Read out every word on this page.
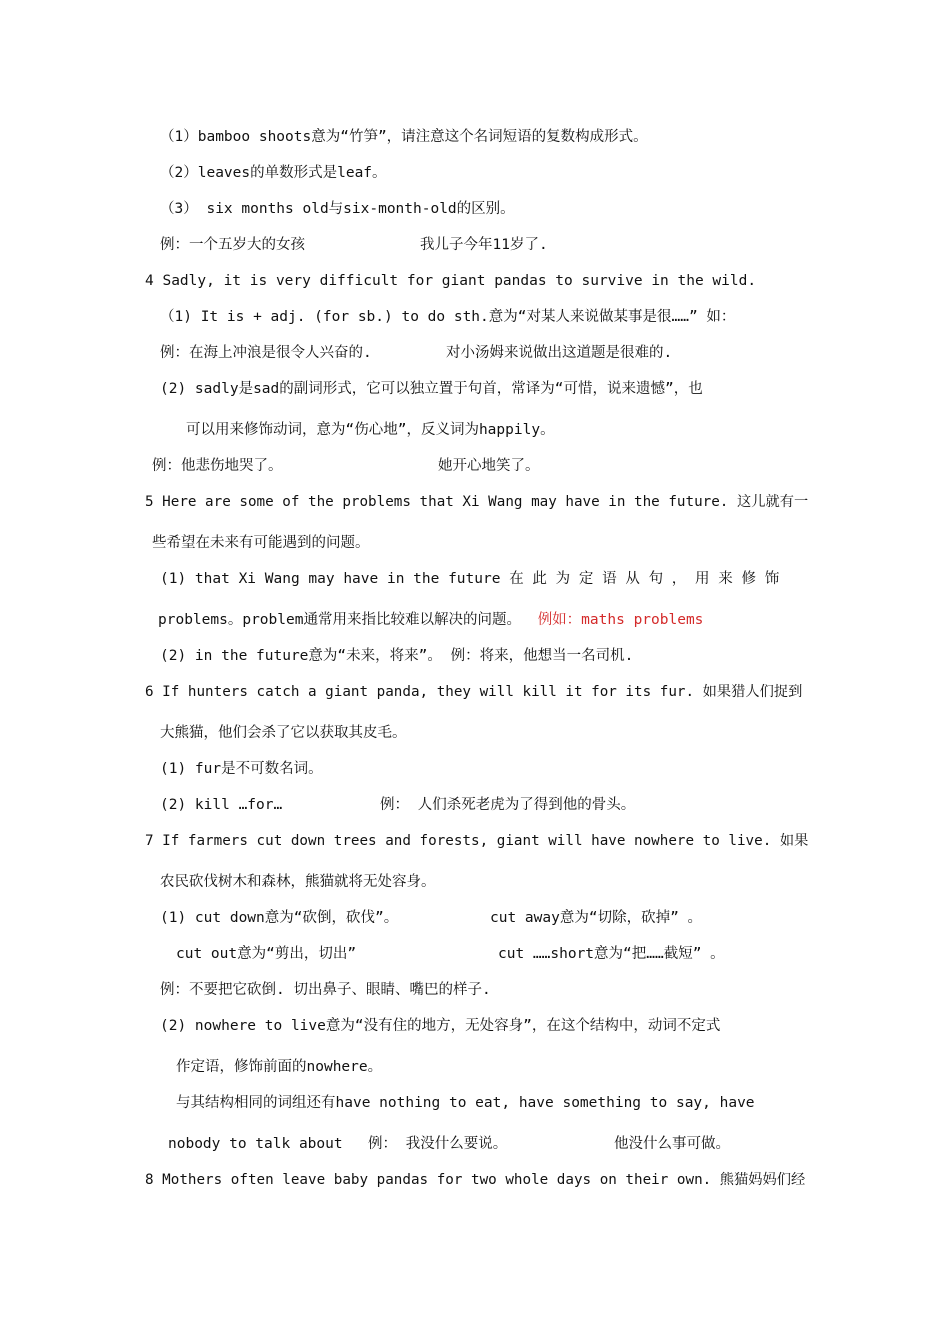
（1）bamboo shoots意为“竹笋”，请注意这个名词短语的复数构成形式。
（2）leaves的单数形式是leaf。
（3） six months old与six-month-old的区别。
例：一个五岁大的女孩	我儿子今年11岁了.
4 Sadly, it is very difficult for giant pandas to survive in the wild.
（1) It is + adj. (for sb.) to do sth.意为“对某人来说做某事是很……” 如：
例：在海上冲浪是很令人兴奋的.	对小汤姆来说做出这道题是很难的.
(2) sadly是sad的副词形式，它可以独立置于句首，常译为“可惜，说来遗憾”，也
可以用来修饰动词，意为“伤心地”，反义词为happily。
例：他悲伤地哭了。	她开心地笑了。
5 Here are some of the problems that Xi Wang may have in the future. 这儿就有一
些希望在未来有可能遇到的问题。
(1) that Xi Wang may have in the future 在 此 为 定 语 从 句 ， 用 来 修 饰
problems。problem通常用来指比较难以解决的问题。 例如：maths problems
(2) in the future意为“未来，将来”。 例：将来，他想当一名司机.
6 If hunters catch a giant panda, they will kill it for its fur. 如果猎人们捉到
大熊猫，他们会杀了它以获取其皮毛。
(1) fur是不可数名词。
(2) kill …for…	例： 人们杀死老虎为了得到他的骨头。
7 If farmers cut down trees and forests, giant will have nowhere to live. 如果
农民砍伐树木和森林，熊猫就将无处容身。
(1) cut down意为“砍倒，砍伐”。	cut away意为“切除，砍掉” 。
cut out意为“剪出，切出”	cut ……short意为“把……截短” 。
例：不要把它砍倒. 切出鼻子、眼睛、嘴巴的样子.
(2) nowhere to live意为“没有住的地方，无处容身”，在这个结构中，动词不定式
作定语，修饰前面的nowhere。
与其结构相同的词组还有have nothing to eat, have something to say, have
nobody to talk about 例： 我没什么要说。	他没什么事可做。
8 Mothers often leave baby pandas for two whole days on their own. 熊猫妈妈们经
